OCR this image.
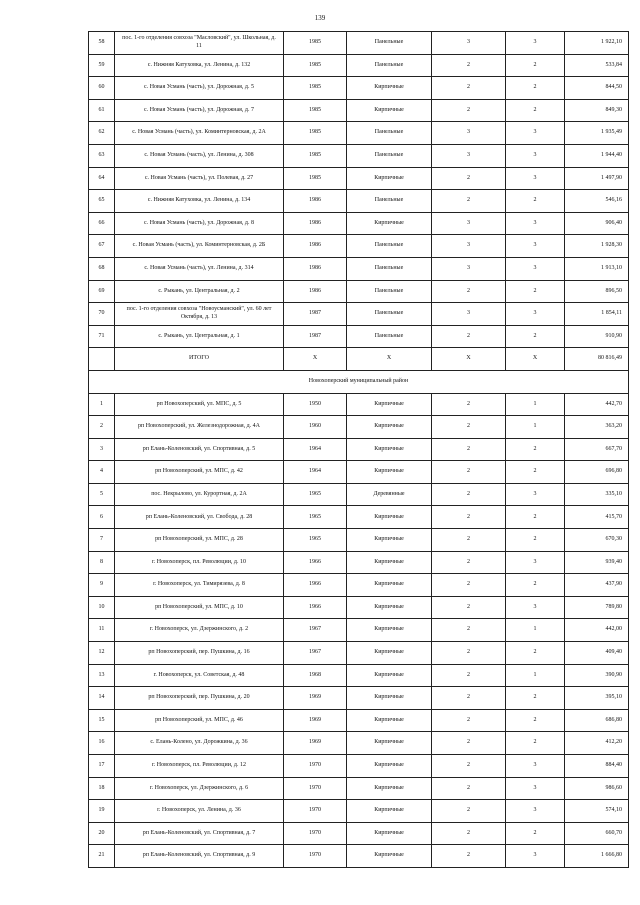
139
58	пос. 1-го отделения совхоза "Масловский", ул. Школьная, д. 11	1985	Панельные	3	3	1 922,10
59	с. Нижняя Катуховка, ул. Ленина, д. 132	1985	Панельные	2	2	533,84
60	с. Новая Усмань (часть), ул. Дорожная, д. 5	1985	Кирпичные	2	2	844,50
61	с. Новая Усмань (часть), ул. Дорожная, д. 7	1985	Кирпичные	2	2	849,30
62	с. Новая Усмань (часть), ул. Коминтерновская, д. 2А	1985	Панельные	3	3	1 935,49
63	с. Новая Усмань (часть), ул. Ленина, д. 308	1985	Панельные	3	3	1 944,40
64	с. Новая Усмань (часть), ул. Полевая, д. 27	1985	Кирпичные	2	3	1 497,90
65	с. Нижняя Катуховка, ул. Ленина, д. 134	1986	Панельные	2	2	546,16
66	с. Новая Усмань (часть), ул. Дорожная, д. 8	1986	Кирпичные	3	3	906,40
67	с. Новая Усмань (часть), ул. Коминтерновская, д. 2Б	1986	Панельные	3	3	1 928,30
68	с. Новая Усмань (часть), ул. Ленина, д. 314	1986	Панельные	3	3	1 913,10
69	с. Рыкань, ул. Центральная, д. 2	1986	Панельные	2	2	896,50
70	пос. 1-го отделения совхоза "Новоусманский", ул. 60 лет Октября, д. 13	1987	Панельные	3	3	1 854,11
71	с. Рыкань, ул. Центральная, д. 1	1987	Панельные	2	2	910,90
	ИТОГО	X	X	X	X	80 816,49
Новохоперский муниципальный район						
1	рп Новохоперский, ул. МПС, д. 5	1950	Кирпичные	2	1	442,70
2	рп Новохоперский, ул. Железнодорожная, д. 4А	1960	Кирпичные	2	1	363,20
3	рп Елань-Коленовский, ул. Спортивная, д. 5	1964	Кирпичные	2	2	667,70
4	рп Новохоперский, ул. МПС, д. 42	1964	Кирпичные	2	2	696,80
5	пос. Некрылово, ул. Курортная, д. 2А	1965	Деревянные	2	3	335,10
6	рп Елань-Коленовский, ул. Свобода, д. 28	1965	Кирпичные	2	2	415,70
7	рп Новохоперский, ул. МПС, д. 28	1965	Кирпичные	2	2	670,30
8	г. Новохоперск, пл. Революции, д. 10	1966	Кирпичные	2	3	939,40
9	г. Новохоперск, ул. Тимирязева, д. 8	1966	Кирпичные	2	2	437,90
10	рп Новохоперский, ул. МПС, д. 10	1966	Кирпичные	2	3	789,80
11	г. Новохоперск, ул. Дзержинского, д. 2	1967	Кирпичные	2	1	442,00
12	рп Новохоперский, пер. Пушкина, д. 16	1967	Кирпичные	2	2	409,40
13	г. Новохоперск, ул. Советская, д. 48	1968	Кирпичные	2	1	390,90
14	рп Новохоперский, пер. Пушкина, д. 20	1969	Кирпичные	2	2	395,10
15	рп Новохоперский, ул. МПС, д. 46	1969	Кирпичные	2	2	686,80
16	с. Елань-Колено, ул. Дорожкина, д. 36	1969	Кирпичные	2	2	412,20
17	г. Новохоперск, пл. Революции, д. 12	1970	Кирпичные	2	3	884,40
18	г. Новохоперск, ул. Дзержинского, д. 6	1970	Кирпичные	2	3	986,60
19	г. Новохоперск, ул. Ленина, д. 36	1970	Кирпичные	2	3	574,10
20	рп Елань-Коленовский, ул. Спортивная, д. 7	1970	Кирпичные	2	2	660,70
21	рп Елань-Коленовский, ул. Спортивная, д. 9	1970	Кирпичные	2	3	1 666,80
